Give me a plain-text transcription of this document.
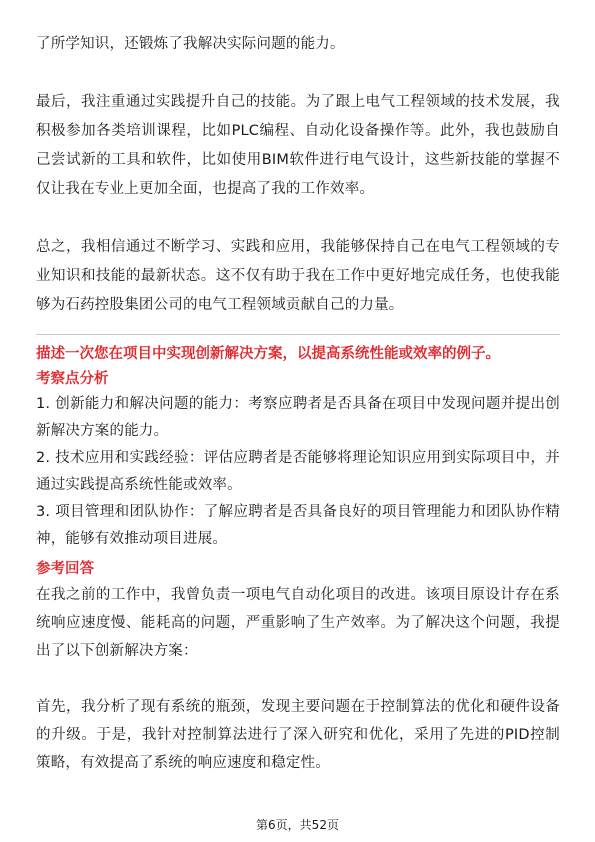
了所学知识，还锻炼了我解决实际问题的能力。

最后，我注重通过实践提升自己的技能。为了跟上电气工程领域的技术发展，我积极参加各类培训课程，比如PLC编程、自动化设备操作等。此外，我也鼓励自己尝试新的工具和软件，比如使用BIM软件进行电气设计，这些新技能的掌握不仅让我在专业上更加全面，也提高了我的工作效率。

总之，我相信通过不断学习、实践和应用，我能够保持自己在电气工程领域的专业知识和技能的最新状态。这不仅有助于我在工作中更好地完成任务，也使我能够为石药控股集团公司的电气工程领域贡献自己的力量。

描述一次您在项目中实现创新解决方案，以提高系统性能或效率的例子。

考察点分析

1. 创新能力和解决问题的能力：考察应聘者是否具备在项目中发现问题并提出创新解决方案的能力。

2. 技术应用和实践经验：评估应聘者是否能够将理论知识应用到实际项目中，并通过实践提高系统性能或效率。

3. 项目管理和团队协作：了解应聘者是否具备良好的项目管理能力和团队协作精神，能够有效推动项目进展。

参考回答

在我之前的工作中，我曾负责一项电气自动化项目的改进。该项目原设计存在系统响应速度慢、能耗高的问题，严重影响了生产效率。为了解决这个问题，我提出了以下创新解决方案：

首先，我分析了现有系统的瓶颈，发现主要问题在于控制算法的优化和硬件设备的升级。于是，我针对控制算法进行了深入研究和优化，采用了先进的PID控制策略，有效提高了系统的响应速度和稳定性。

第6页，共52页
